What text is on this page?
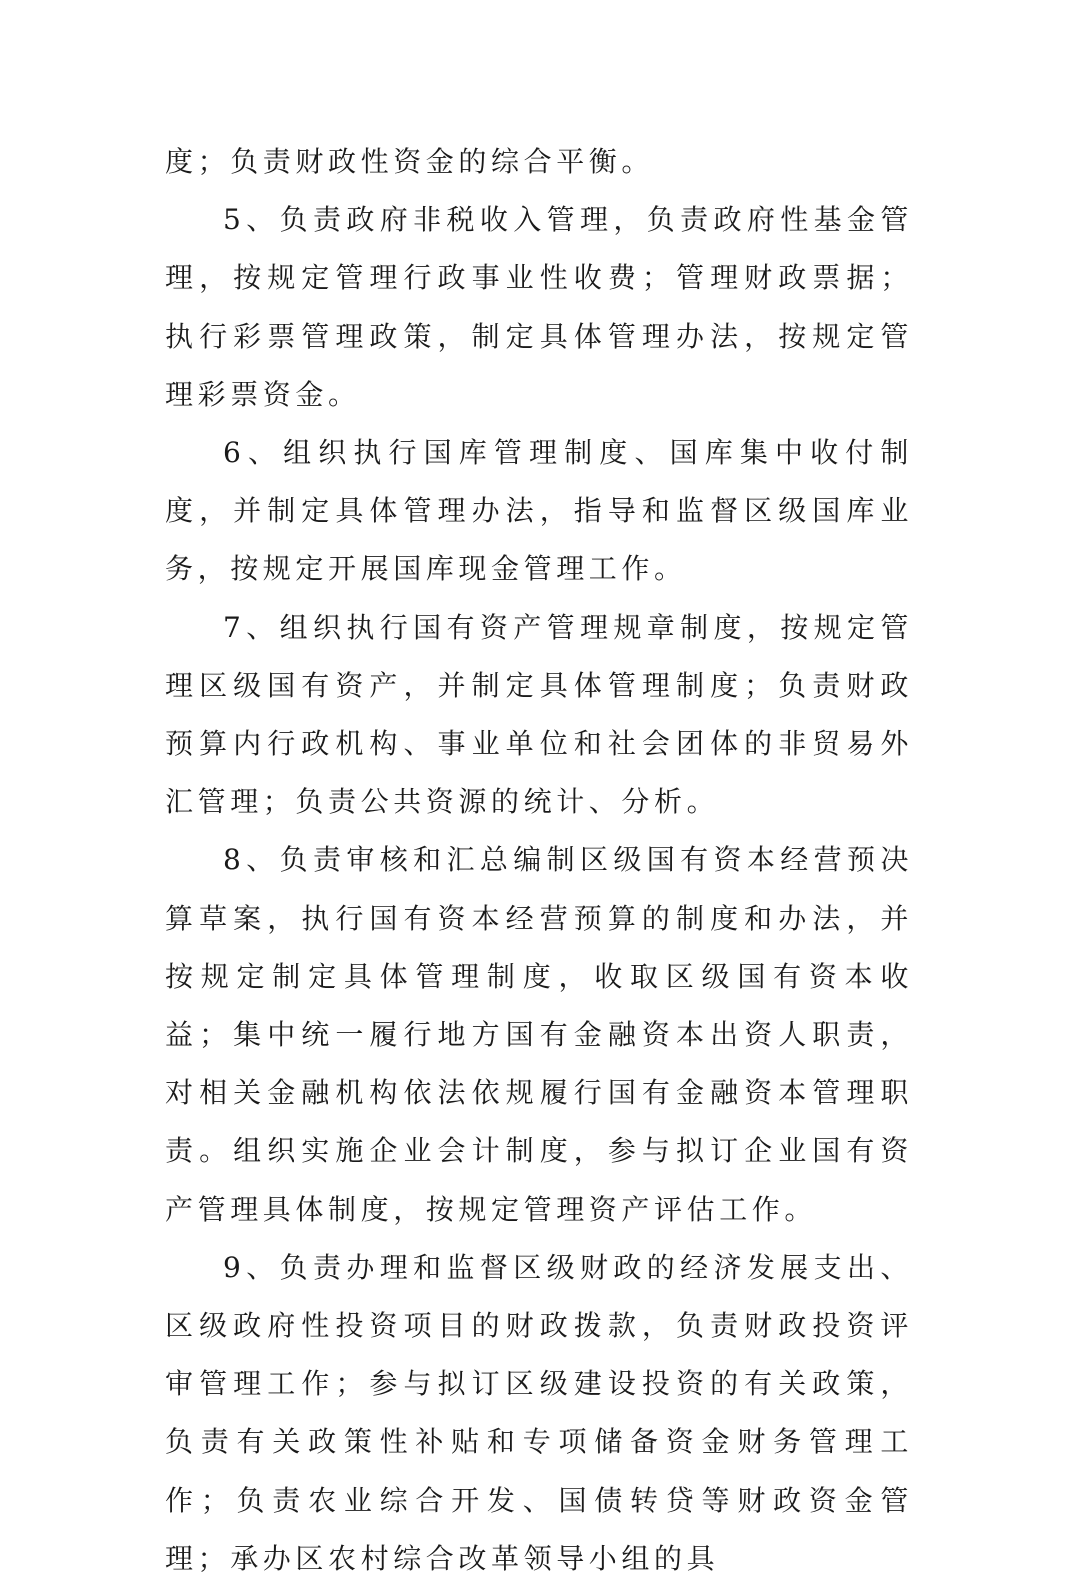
度；负责财政性资金的综合平衡。

5、负责政府非税收入管理，负责政府性基金管理，按规定管理行政事业性收费；管理财政票据；执行彩票管理政策，制定具体管理办法，按规定管理彩票资金。

6、组织执行国库管理制度、国库集中收付制度，并制定具体管理办法，指导和监督区级国库业务，按规定开展国库现金管理工作。

7、组织执行国有资产管理规章制度，按规定管理区级国有资产，并制定具体管理制度；负责财政预算内行政机构、事业单位和社会团体的非贸易外汇管理；负责公共资源的统计、分析。

8、负责审核和汇总编制区级国有资本经营预决算草案，执行国有资本经营预算的制度和办法，并按规定制定具体管理制度，收取区级国有资本收益；集中统一履行地方国有金融资本出资人职责，对相关金融机构依法依规履行国有金融资本管理职责。组织实施企业会计制度，参与拟订企业国有资产管理具体制度，按规定管理资产评估工作。

9、负责办理和监督区级财政的经济发展支出、区级政府性投资项目的财政拨款，负责财政投资评审管理工作；参与拟订区级建设投资的有关政策，负责有关政策性补贴和专项储备资金财务管理工作；负责农业综合开发、国债转贷等财政资金管理；承办区农村综合改革领导小组的具
